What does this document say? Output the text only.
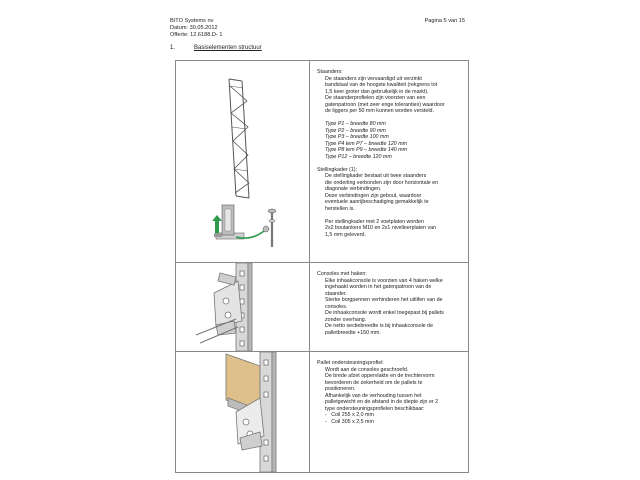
BITO Systems nv
Datum: 30.05.2012
Offerte: 12.6188.D- 1
Pagina 5 van 15
1.	Basiselementen structuur
Staanders:
De staanders zijn vervaardigd uit verzinkt
bandstaal van de hoogste kwaliteit (rekgrens tot
1,5 keer groter dan gebruikelijk in de markt).
De staanderprofielen zijn voorzien van een
gatenpatroon (met zeer enge toleranties) waardoor
de liggers per 50 mm kunnen worden versteld.
Type P1 – breedte 80 mm
Type P2 – breedte 90 mm
Type P3 – breedte 100 mm
Type P4 tem P7 – breedte 120 mm
Type P8 tem P9 – breedte 140 mm
Type P12 – breedte 120 mm
Stellingkader (1):
De stellingkader bestaat uit twee staanders
die onderling verbonden zijn door horizontale en
diagonale verbindingen.
Deze verbindingen zijn gebout, waardoor
eventuele aanrijbeschadiging gemakkelijk te
herstellen is.
Per stellingkader met 2 voetplaten worden
2x2 boutankers M10 en 2x1 nivelleerplaten van
1,5 mm geleverd.
Consoles met haken:
Elke inhaakconsole is voorzien van 4 haken welke
ingehaakt worden in het gatenpatroon van de
staander.
Sterke borgpennen verhinderen het uitlifen van de
consoles.
De inhaakconsole wordt enkel toegepast bij pallets
zonder overhang.
De netto sectiebreedte is bij inhaakconsole de
palletbreedte +150 mm.
Pallet ondersteuningsprofiel:
Wordt aan de consoles geschroefd.
De brede afzet oppervlakte en de trechtervorm
bevorderen de zekerheid om de pallets te
positioneren.
Afhankelijk van de verhouding tussen het
palletgewicht en de afstand in de diepte zijn er 2
type ondersteuningsprofielen beschikbaar:
- Coil 255 x 2,0 mm
- Coil 305 x 2,5 mm
